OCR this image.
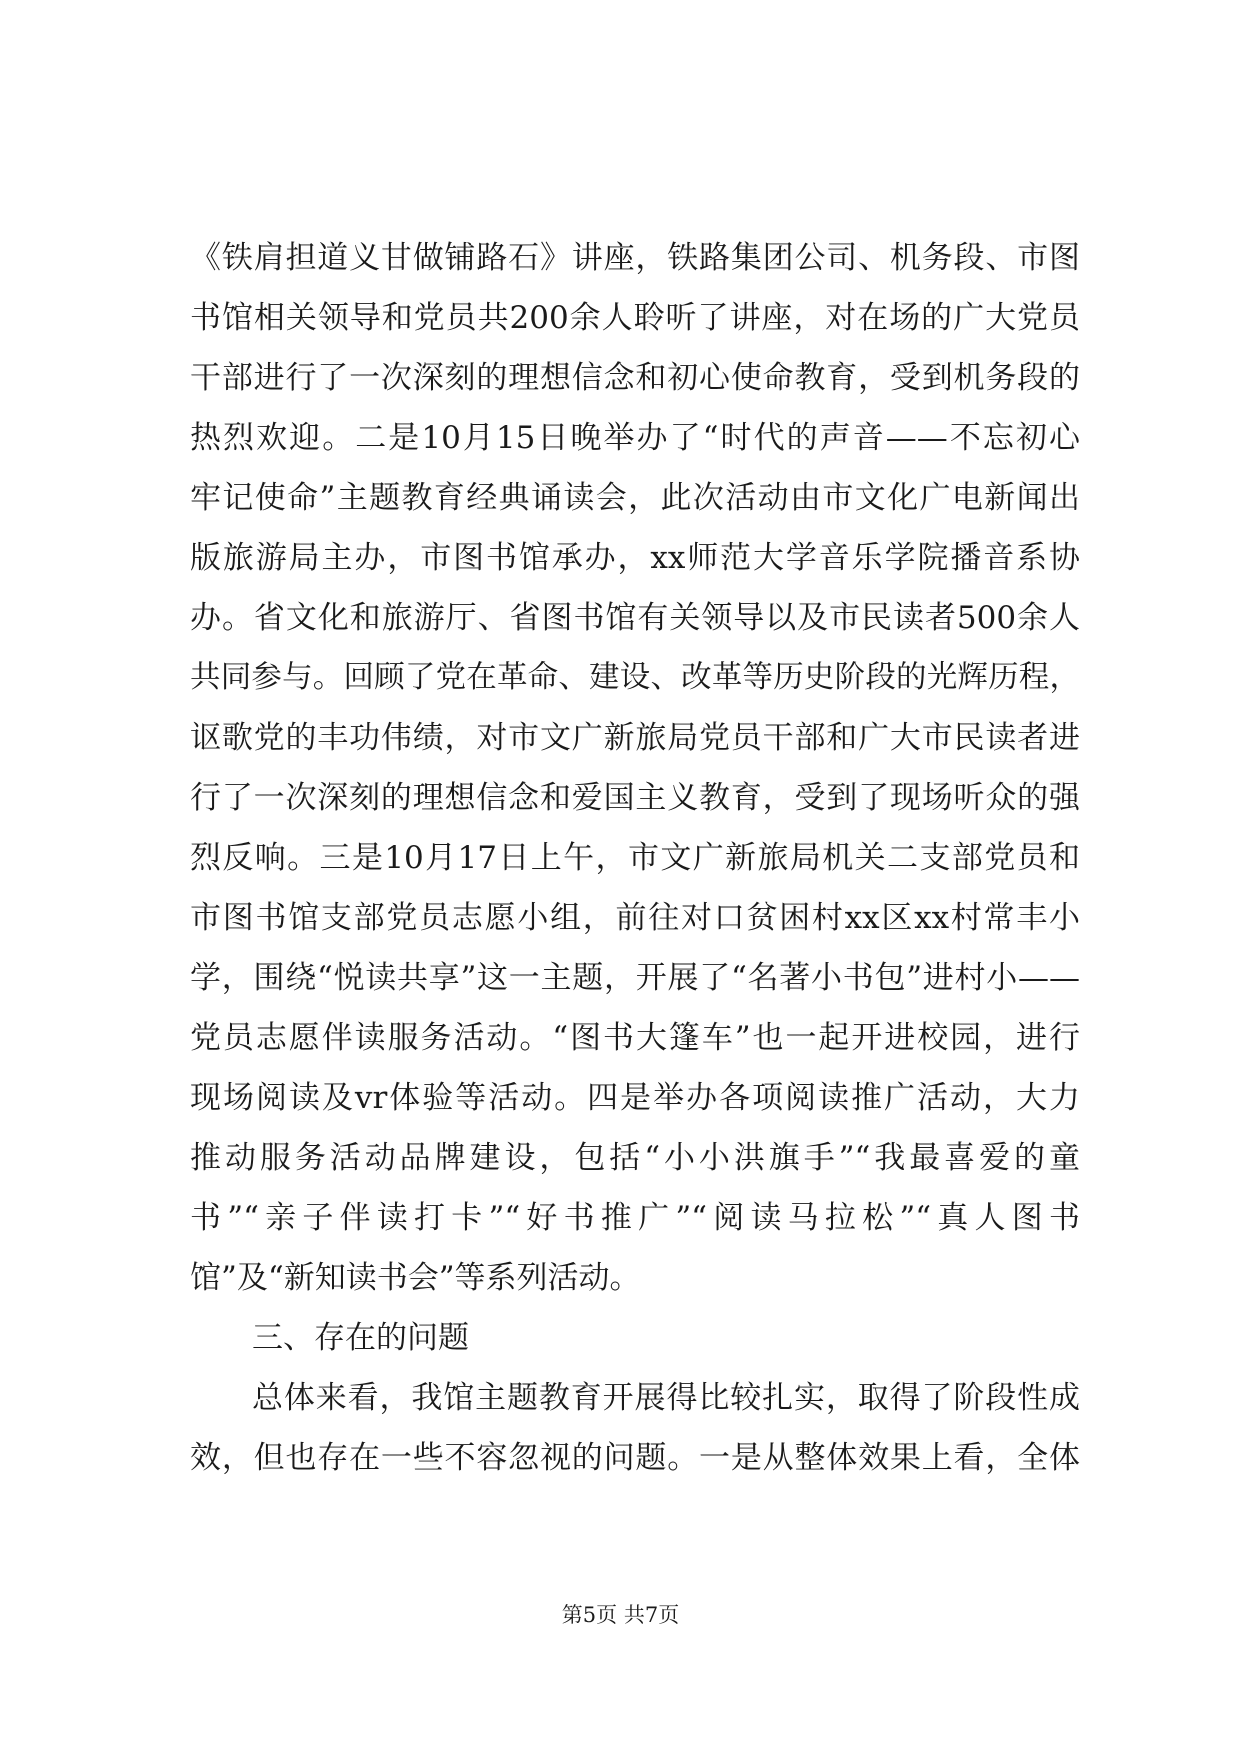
《铁肩担道义甘做铺路石》讲座，铁路集团公司、机务段、市图
书馆相关领导和党员共200余人聆听了讲座，对在场的广大党员
干部进行了一次深刻的理想信念和初心使命教育，受到机务段的
热烈欢迎。二是10月15日晚举办了“时代的声音——不忘初心
牢记使命”主题教育经典诵读会，此次活动由市文化广电新闻出
版旅游局主办，市图书馆承办，xx师范大学音乐学院播音系协
办。省文化和旅游厅、省图书馆有关领导以及市民读者500余人
共同参与。回顾了党在革命、建设、改革等历史阶段的光辉历程，
讴歌党的丰功伟绩，对市文广新旅局党员干部和广大市民读者进
行了一次深刻的理想信念和爱国主义教育，受到了现场听众的强
烈反响。三是10月17日上午，市文广新旅局机关二支部党员和
市图书馆支部党员志愿小组，前往对口贫困村xx区xx村常丰小
学，围绕“悦读共享”这一主题，开展了“名著小书包”进村小——
党员志愿伴读服务活动。“图书大篷车”也一起开进校园，进行
现场阅读及vr体验等活动。四是举办各项阅读推广活动，大力
推动服务活动品牌建设，包括“小小洪旗手”“我最喜爱的童
书”“亲子伴读打卡”“好书推广”“阅读马拉松”“真人图书
馆”及“新知读书会”等系列活动。
三、存在的问题
总体来看，我馆主题教育开展得比较扎实，取得了阶段性成
效，但也存在一些不容忽视的问题。一是从整体效果上看，全体
第5页 共7页
